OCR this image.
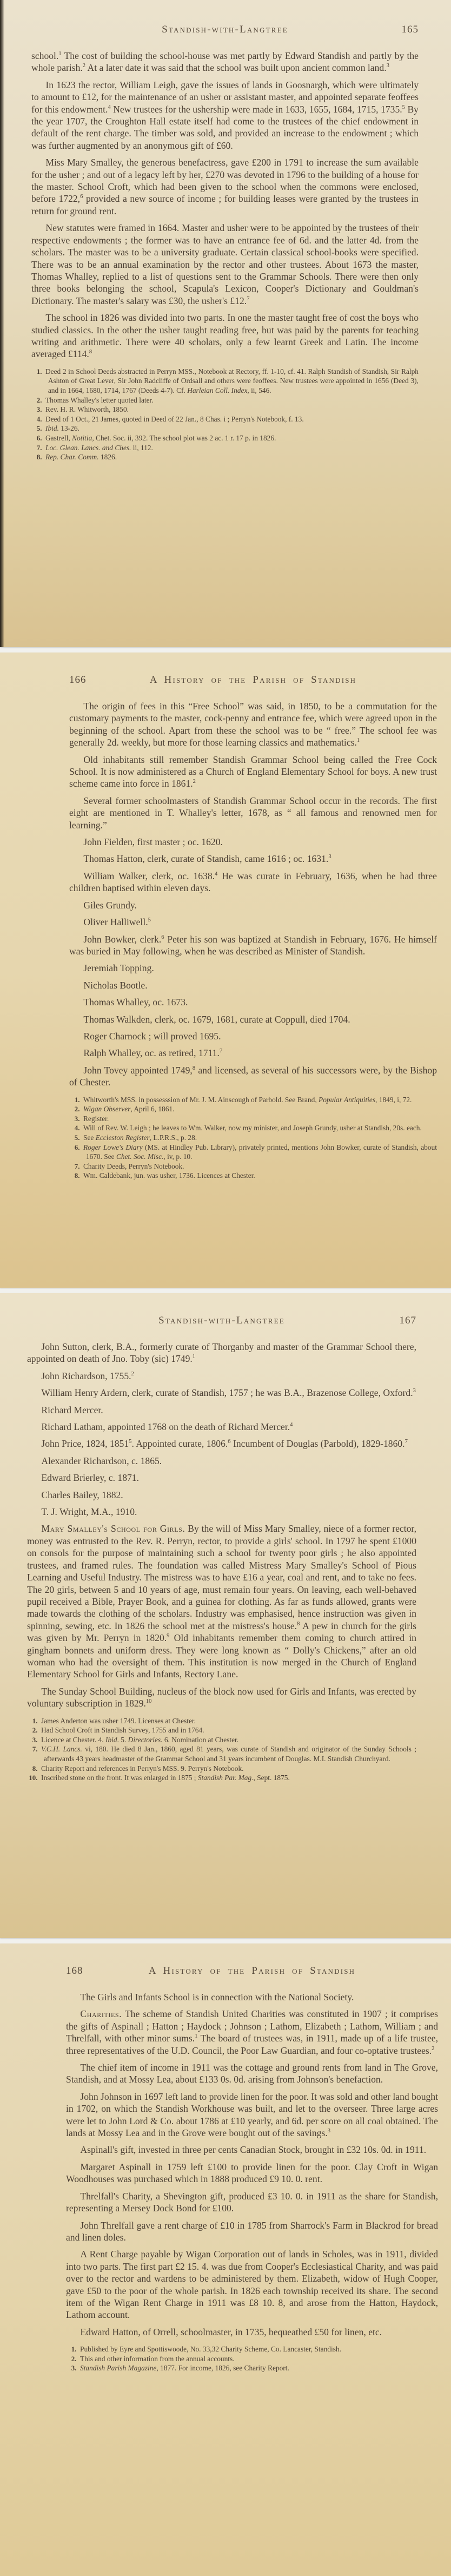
Standish-with-Langtree	165

school.$^1$ The cost of building the school-house was met partly by Edward Standish and partly by the whole parish.$^2$ At a later date it was said that the school was built upon ancient common land.$^3$

In 1623 the rector, William Leigh, gave the issues of lands in Goosnargh, which were ultimately to amount to £12, for the maintenance of an usher or assistant master, and appointed separate feoffees for this endowment.$^4$ New trustees for the ushership were made in 1633, 1655, 1684, 1715, 1735.$^5$ By the year 1707, the Croughton Hall estate itself had come to the trustees of the chief endowment in default of the rent charge. The timber was sold, and provided an increase to the endowment ; which was further augmented by an anonymous gift of £60.

Miss Mary Smalley, the generous benefactress, gave £200 in 1791 to increase the sum available for the usher ; and out of a legacy left by her, £270 was devoted in 1796 to the building of a house for the master. School Croft, which had been given to the school when the commons were enclosed, before 1722,$^6$ provided a new source of income ; for building leases were granted by the trustees in return for ground rent.

New statutes were framed in 1664. Master and usher were to be appointed by the trustees of their respective endowments ; the former was to have an entrance fee of 6d. and the latter 4d. from the scholars. The master was to be a university graduate. Certain classical school-books were specified. There was to be an annual examination by the rector and other trustees. About 1673 the master, Thomas Whalley, replied to a list of questions sent to the Grammar Schools. There were then only three books belonging the school, Scapula's Lexicon, Cooper's Dictionary and Gouldman's Dictionary. The master's salary was £30, the usher's £12.$^7$

The school in 1826 was divided into two parts. In one the master taught free of cost the boys who studied classics. In the other the usher taught reading free, but was paid by the parents for teaching writing and arithmetic. There were 40 scholars, only a few learnt Greek and Latin. The income averaged £114.$^8$

1. Deed 2 in School Deeds abstracted in Perryn MSS., Notebook at Rectory, ff. 1-10, cf. 41. Ralph Standish of Standish, Sir Ralph Ashton of Great Lever, Sir John Radcliffe of Ordsall and others were feoffees. New trustees were appointed in 1656 (Deed 3), and in 1664, 1680, 1714, 1767 (Deeds 4-7). Cf. Harleian Coll. Index, ii, 546.

2. Thomas Whalley's letter quoted later.

3. Rev. H. R. Whitworth, 1850.

4. Deed of 1 Oct., 21 James, quoted in Deed of 22 Jan., 8 Chas. i ; Perryn's Notebook, f. 13.

5. Ibid. 13-26.

6. Gastrell, Notitia, Chet. Soc. ii, 392. The school plot was 2 ac. 1 r. 17 p. in 1826.

7. Loc. Glean. Lancs. and Ches. ii, 112.

8. Rep. Char. Comm. 1826.

166	A History of the Parish of Standish

The origin of fees in this “Free School” was said, in 1850, to be a commutation for the customary payments to the master, cock-penny and entrance fee, which were agreed upon in the beginning of the school. Apart from these the school was to be “ free.” The school fee was generally 2d. weekly, but more for those learning classics and mathematics.$^1$

Old inhabitants still remember Standish Grammar School being called the Free Cock School. It is now administered as a Church of England Elementary School for boys. A new trust scheme came into force in 1861.$^2$

Several former schoolmasters of Standish Grammar School occur in the records. The first eight are mentioned in T. Whalley's letter, 1678, as “ all famous and renowned men for learning.”

John Fielden, first master ; oc. 1620.

Thomas Hatton, clerk, curate of Standish, came 1616 ; oc. 1631.$^3$

William Walker, clerk, oc. 1638.$^4$ He was curate in February, 1636, when he had three children baptised within eleven days.

Giles Grundy.

Oliver Halliwell.$^5$

John Bowker, clerk.$^6$ Peter his son was baptized at Standish in February, 1676. He himself was buried in May following, when he was described as Minister of Standish.

Jeremiah Topping.

Nicholas Bootle.

Thomas Whalley, oc. 1673.

Thomas Walkden, clerk, oc. 1679, 1681, curate at Coppull, died 1704.

Roger Charnock ; will proved 1695.

Ralph Whalley, oc. as retired, 1711.$^7$

John Tovey appointed 1749,$^8$ and licensed, as several of his successors were, by the Bishop of Chester.

1. Whitworth's MSS. in possesssion of Mr. J. M. Ainscough of Parbold. See Brand, Popular Antiquities, 1849, i, 72.

2. Wigan Observer, April 6, 1861.

3. Register.

4. Will of Rev. W. Leigh ; he leaves to Wm. Walker, now my minister, and Joseph Grundy, usher at Standish, 20s. each.

5. See Eccleston Register, L.P.R.S., p. 28.

6. Roger Lowe's Diary (MS. at Hindley Pub. Library), privately printed, mentions John Bowker, curate of Standish, about 1670. See Chet. Soc. Misc., iv, p. 10.

7. Charity Deeds, Perryn's Notebook.

8. Wm. Caldebank, jun. was usher, 1736. Licences at Chester.

Standish-with-Langtree	167

John Sutton, clerk, B.A., formerly curate of Thorganby and master of the Grammar School there, appointed on death of Jno. Toby (sic) 1749.$^1$

John Richardson, 1755.$^2$

William Henry Ardern, clerk, curate of Standish, 1757 ; he was B.A., Brazenose College, Oxford.$^3$

Richard Mercer.

Richard Latham, appointed 1768 on the death of Richard Mercer.$^4$

John Price, 1824, 1851$^5$. Appointed curate, 1806.$^6$ Incumbent of Douglas (Parbold), 1829-1860.$^7$

Alexander Richardson, c. 1865.

Edward Brierley, c. 1871.

Charles Bailey, 1882.

T. J. Wright, M.A., 1910.

Mary Smalley's School for Girls. By the will of Miss Mary Smalley, niece of a former rector, money was entrusted to the Rev. R. Perryn, rector, to provide a girls' school. In 1797 he spent £1000 on consols for the purpose of maintaining such a school for twenty poor girls ; he also appointed trustees, and framed rules. The foundation was called Mistress Mary Smalley's School of Pious Learning and Useful Industry. The mistress was to have £16 a year, coal and rent, and to take no fees. The 20 girls, between 5 and 10 years of age, must remain four years. On leaving, each well-behaved pupil received a Bible, Prayer Book, and a guinea for clothing. As far as funds allowed, grants were made towards the clothing of the scholars. Industry was emphasised, hence instruction was given in spinning, sewing, etc. In 1826 the school met at the mistress's house.$^8$ A pew in church for the girls was given by Mr. Perryn in 1820.$^9$ Old inhabitants remember them coming to church attired in gingham bonnets and uniform dress. They were long known as “ Dolly's Chickens,” after an old woman who had the oversight of them. This institution is now merged in the Church of England Elementary School for Girls and Infants, Rectory Lane.

The Sunday School Building, nucleus of the block now used for Girls and Infants, was erected by voluntary subscription in 1829.10

1. James Anderton was usher 1749. Licenses at Chester.

2. Had School Croft in Standish Survey, 1755 and in 1764.

3. Licence at Chester. 4. Ibid. 5. Directories. 6. Nomination at Chester.

7. V.C.H. Lancs. vi, 180. He died 8 Jan., 1860, aged 81 years, was curate of Standish and originator of the Sunday Schools ; afterwards 43 years headmaster of the Grammar School and 31 years incumbent of Douglas. M.I. Standish Churchyard.

8. Charity Report and references in Perryn's MSS. 9. Perryn's Notebook.

10. Inscribed stone on the front. It was enlarged in 1875 ; Standish Par. Mag., Sept. 1875.

168	A History of the Parish of Standish

The Girls and Infants School is in connection with the National Society.

Charities. The scheme of Standish United Charities was constituted in 1907 ; it comprises the gifts of Aspinall ; Hatton ; Haydock ; Johnson ; Lathom, Elizabeth ; Lathom, William ; and Threlfall, with other minor sums.$^1$ The board of trustees was, in 1911, made up of a life trustee, three representatives of the U.D. Council, the Poor Law Guardian, and four co-optative trustees.$^2$

The chief item of income in 1911 was the cottage and ground rents from land in The Grove, Standish, and at Mossy Lea, about £133 0s. 0d. arising from Johnson's benefaction.

John Johnson in 1697 left land to provide linen for the poor. It was sold and other land bought in 1702, on which the Standish Workhouse was built, and let to the overseer. Three large acres were let to John Lord & Co. about 1786 at £10 yearly, and 6d. per score on all coal obtained. The lands at Mossy Lea and in the Grove were bought out of the savings.$^3$

Aspinall's gift, invested in three per cents Canadian Stock, brought in £32 10s. 0d. in 1911.

Margaret Aspinall in 1759 left £100 to provide linen for the poor. Clay Croft in Wigan Woodhouses was purchased which in 1888 produced £9 10. 0. rent.

Threlfall's Charity, a Shevington gift, produced £3 10. 0. in 1911 as the share for Standish, representing a Mersey Dock Bond for £100.

John Threlfall gave a rent charge of £10 in 1785 from Sharrock's Farm in Blackrod for bread and linen doles.

A Rent Charge payable by Wigan Corporation out of lands in Scholes, was in 1911, divided into two parts. The first part £2 15. 4. was due from Cooper's Ecclesiastical Charity, and was paid over to the rector and wardens to be administered by them. Elizabeth, widow of Hugh Cooper, gave £50 to the poor of the whole parish. In 1826 each township received its share. The second item of the Wigan Rent Charge in 1911 was £8 10. 8, and arose from the Hatton, Haydock, Lathom account.

Edward Hatton, of Orrell, schoolmaster, in 1735, bequeathed £50 for linen, etc.

1. Published by Eyre and Spottiswoode, No. 33,32 Charity Scheme, Co. Lancaster, Standish.

2. This and other information from the annual accounts.

3. Standish Parish Magazine, 1877. For income, 1826, see Charity Report.
